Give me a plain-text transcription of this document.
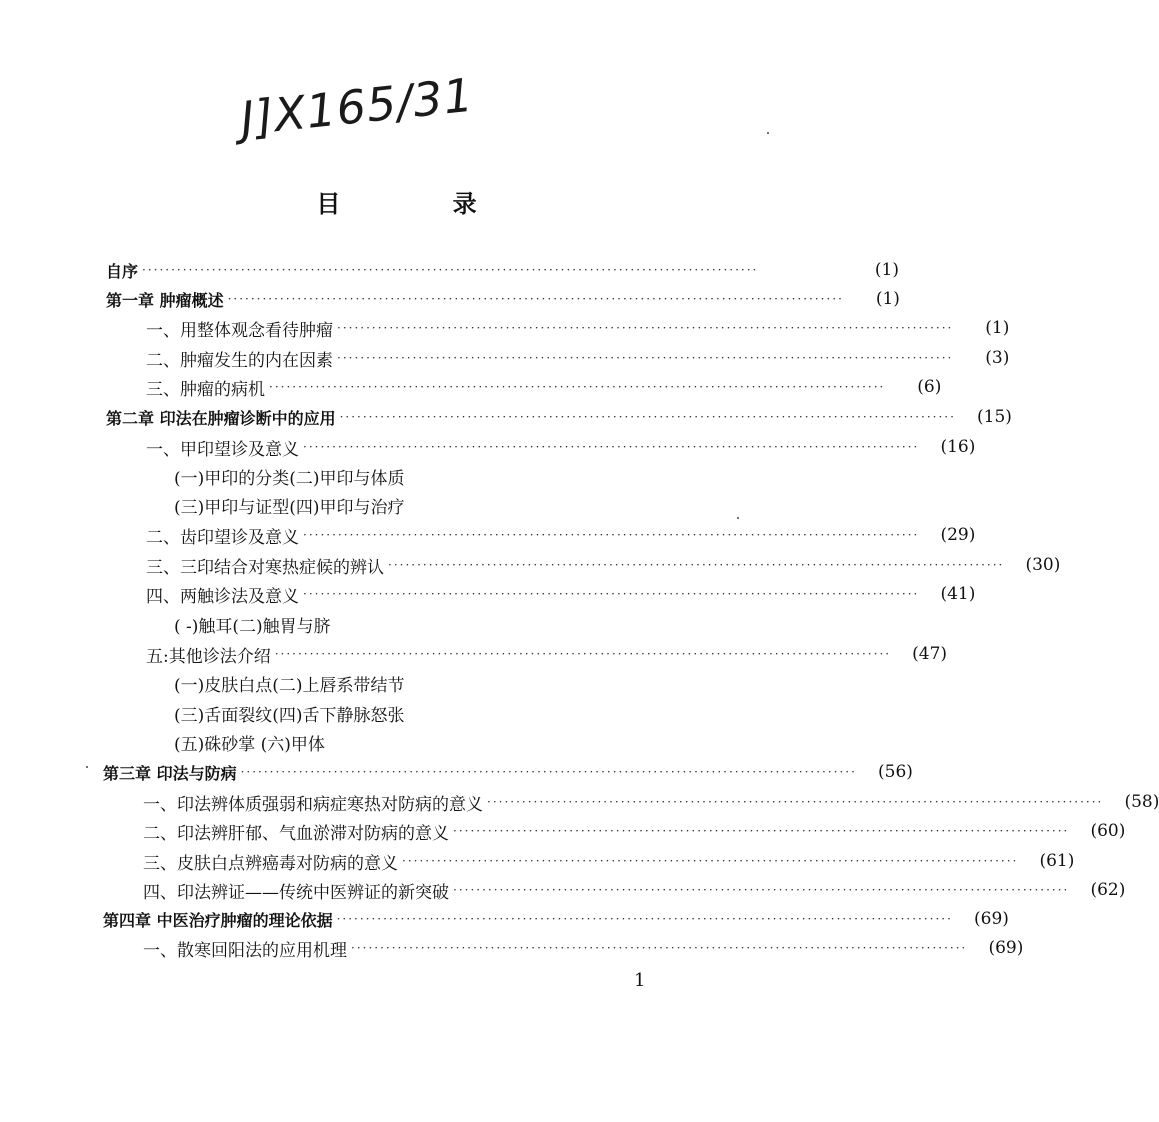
J]X165/31
目 录
自序 ·····	(1)
第一章 肿瘤概述 ·····	(1)
一、用整体观念看待肿瘤 ·····	(1)
二、肿瘤发生的内在因素 ·····	(3)
三、肿瘤的病机 ·····	(6)
第二章 印法在肿瘤诊断中的应用 ·····	(15)
一、甲印望诊及意义 ·····	(16)
(一)甲印的分类(二)甲印与体质
(三)甲印与证型(四)甲印与治疗
二、齿印望诊及意义 ·····	(29)
三、三印结合对寒热症候的辨认 ·····	(30)
四、两触诊法及意义 ·····	(41)
( -)触耳(二)触胃与脐
五:其他诊法介绍 ·····	(47)
(一)皮肤白点(二)上唇系带结节
(三)舌面裂纹(四)舌下静脉怒张
(五)硃砂掌 (六)甲体
第三章 印法与防病 ·····	(56)
一、印法辨体质强弱和病症寒热对防病的意义 ·····	(58)
二、印法辨肝郁、气血淤滞对防病的意义 ·····	(60)
三、皮肤白点辨癌毒对防病的意义 ·····	(61)
四、印法辨证——传统中医辨证的新突破 ·····	(62)
第四章 中医治疗肿瘤的理论依据 ·····	(69)
一、散寒回阳法的应用机理 ·····	(69)
1
